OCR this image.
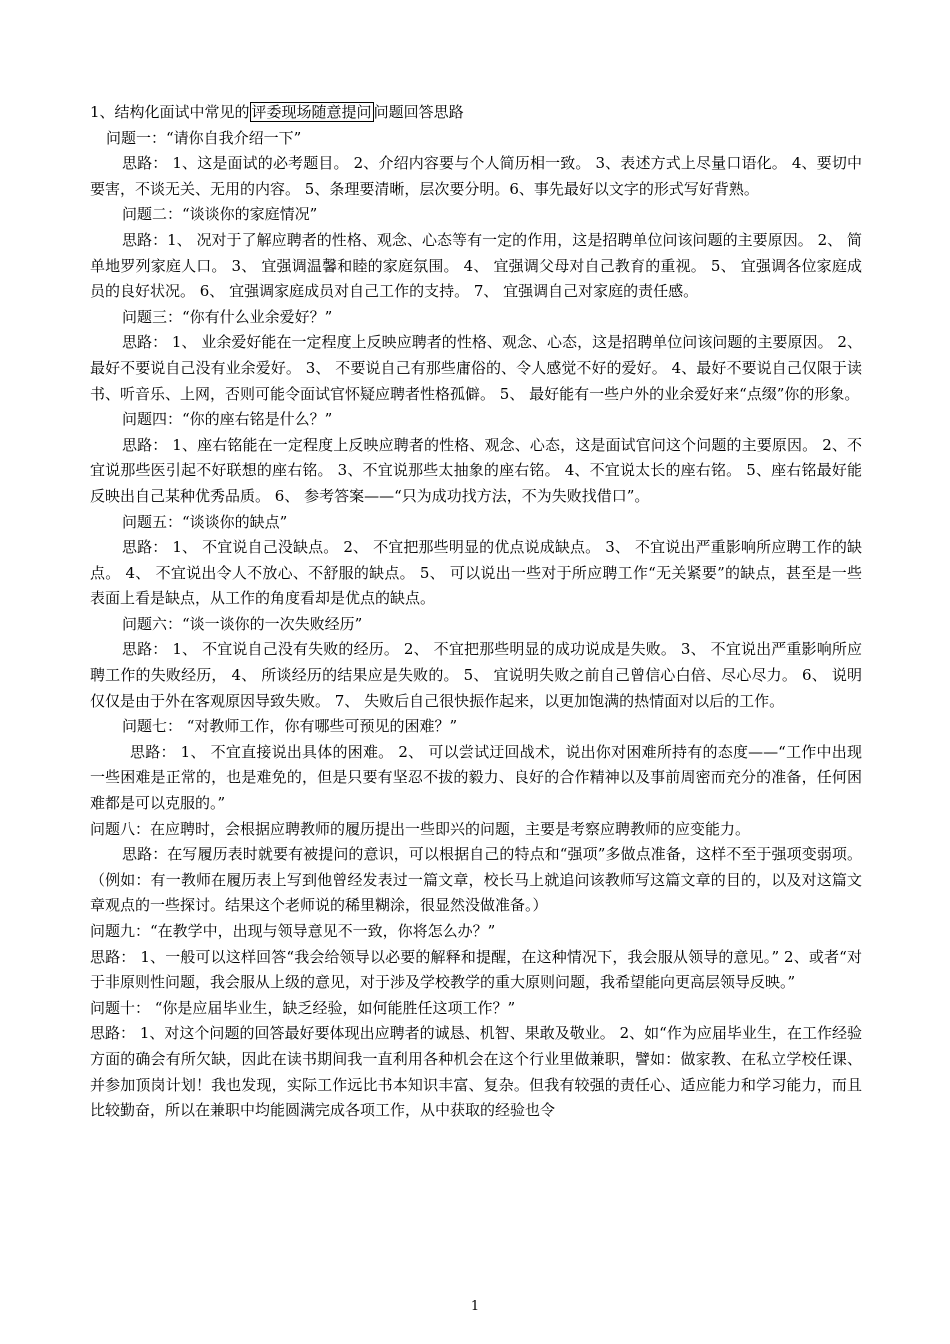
1、结构化面试中常见的 评委现场随意提问 问题回答思路

问题一：“请你自我介绍一下”

思路： 1、这是面试的必考题目。 2、介绍内容要与个人简历相一致。 3、表述方式上尽量口语化。 4、要切中要害，不谈无关、无用的内容。 5、条理要清晰，层次要分明。6、事先最好以文字的形式写好背熟。

问题二：“谈谈你的家庭情况”

思路：1、 况对于了解应聘者的性格、观念、心态等有一定的作用，这是招聘单位问该问题的主要原因。 2、 简单地罗列家庭人口。 3、 宜强调温馨和睦的家庭氛围。 4、 宜强调父母对自己教育的重视。 5、 宜强调各位家庭成员的良好状况。 6、 宜强调家庭成员对自己工作的支持。 7、 宜强调自己对家庭的责任感。

问题三：“你有什么业余爱好？”

思路： 1、 业余爱好能在一定程度上反映应聘者的性格、观念、心态，这是招聘单位问该问题的主要原因。 2、 最好不要说自己没有业余爱好。 3、 不要说自己有那些庸俗的、令人感觉不好的爱好。 4、最好不要说自己仅限于读书、听音乐、上网，否则可能令面试官怀疑应聘者性格孤僻。 5、 最好能有一些户外的业余爱好来“点缀”你的形象。

问题四：“你的座右铭是什么？”

思路： 1、座右铭能在一定程度上反映应聘者的性格、观念、心态，这是面试官问这个问题的主要原因。 2、不宜说那些医引起不好联想的座右铭。 3、不宜说那些太抽象的座右铭。 4、不宜说太长的座右铭。 5、座右铭最好能反映出自己某种优秀品质。 6、 参考答案——“只为成功找方法，不为失败找借口”。

问题五：“谈谈你的缺点”

思路： 1、 不宜说自己没缺点。 2、 不宜把那些明显的优点说成缺点。 3、 不宜说出严重影响所应聘工作的缺点。 4、 不宜说出令人不放心、不舒服的缺点。 5、 可以说出一些对于所应聘工作“无关紧要”的缺点，甚至是一些表面上看是缺点，从工作的角度看却是优点的缺点。

问题六：“谈一谈你的一次失败经历”

思路： 1、 不宜说自己没有失败的经历。 2、 不宜把那些明显的成功说成是失败。 3、 不宜说出严重影响所应聘工作的失败经历， 4、 所谈经历的结果应是失败的。 5、 宜说明失败之前自己曾信心白倍、尽心尽力。 6、 说明仅仅是由于外在客观原因导致失败。 7、 失败后自己很快振作起来，以更加饱满的热情面对以后的工作。

问题七： “对教师工作，你有哪些可预见的困难？”

思路： 1、 不宜直接说出具体的困难。 2、 可以尝试迂回战术，说出你对困难所持有的态度——“工作中出现一些困难是正常的，也是难免的，但是只要有坚忍不拔的毅力、良好的合作精神以及事前周密而充分的准备，任何困难都是可以克服的。”

问题八：在应聘时，会根据应聘教师的履历提出一些即兴的问题，主要是考察应聘教师的应变能力。

思路：在写履历表时就要有被提问的意识，可以根据自己的特点和“强项”多做点准备，这样不至于强项变弱项。（例如：有一教师在履历表上写到他曾经发表过一篇文章，校长马上就追问该教师写这篇文章的目的，以及对这篇文章观点的一些探讨。结果这个老师说的稀里糊涂，很显然没做准备。）

问题九：“在教学中，出现与领导意见不一致，你将怎么办？”

思路： 1、一般可以这样回答“我会给领导以必要的解释和提醒，在这种情况下，我会服从领导的意见。” 2、或者“对于非原则性问题，我会服从上级的意见，对于涉及学校教学的重大原则问题，我希望能向更高层领导反映。”

问题十： “你是应届毕业生，缺乏经验，如何能胜任这项工作？”

思路： 1、对这个问题的回答最好要体现出应聘者的诚恳、机智、果敢及敬业。 2、如“作为应届毕业生，在工作经验方面的确会有所欠缺，因此在读书期间我一直利用各种机会在这个行业里做兼职，譬如：做家教、在私立学校任课、并参加顶岗计划！我也发现，实际工作远比书本知识丰富、复杂。但我有较强的责任心、适应能力和学习能力，而且比较勤奋，所以在兼职中均能圆满完成各项工作，从中获取的经验也令

1
